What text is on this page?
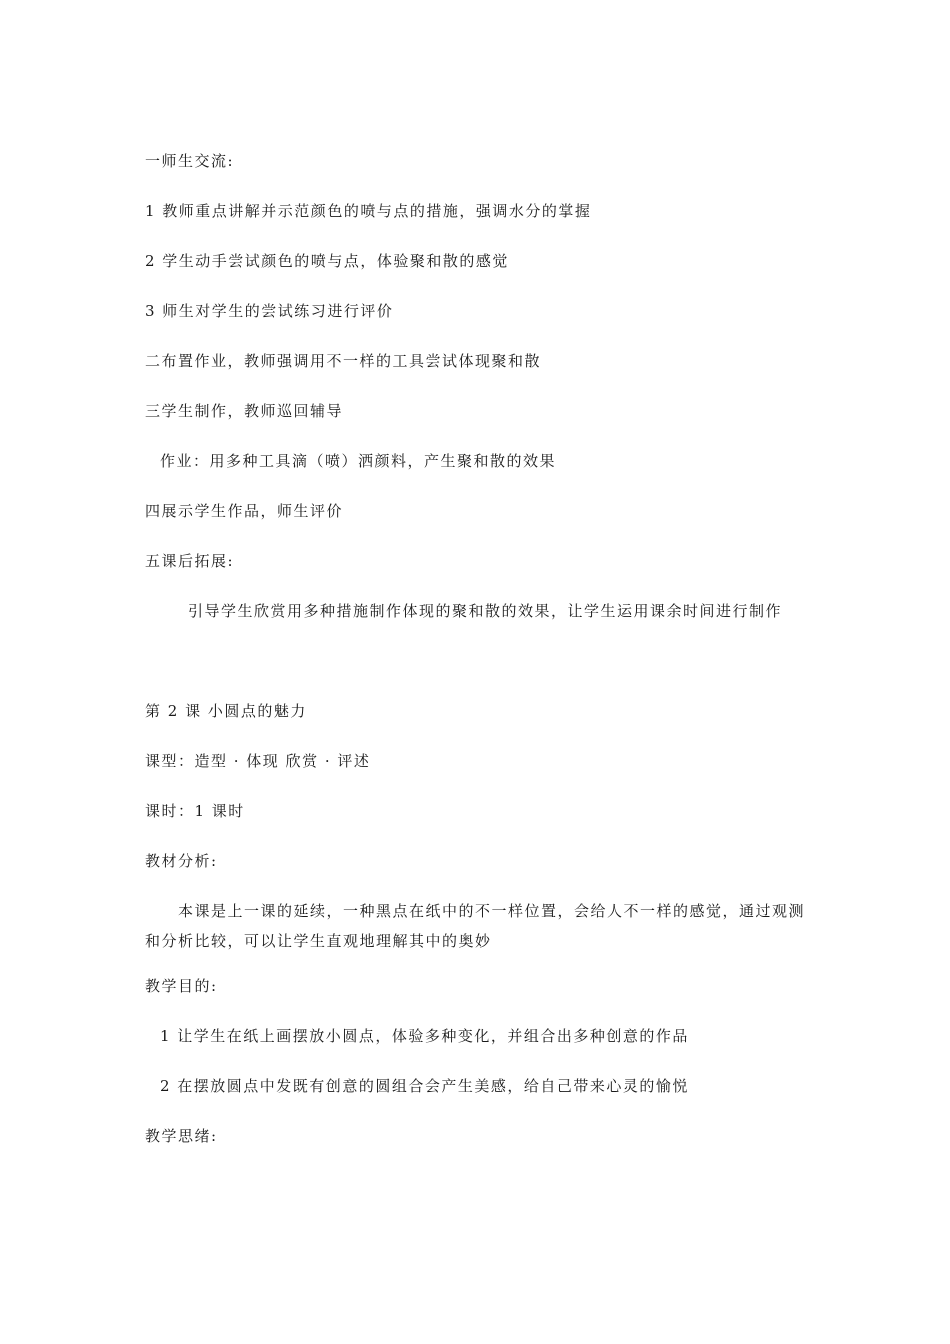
一师生交流:
1 教师重点讲解并示范颜色的喷与点的措施，强调水分的掌握
2 学生动手尝试颜色的喷与点，体验聚和散的感觉
3 师生对学生的尝试练习进行评价
二布置作业，教师强调用不一样的工具尝试体现聚和散
三学生制作，教师巡回辅导
作业：用多种工具滴（喷）洒颜料，产生聚和散的效果
四展示学生作品，师生评价
五课后拓展:
引导学生欣赏用多种措施制作体现的聚和散的效果，让学生运用课余时间进行制作
第 2 课 小圆点的魅力
课型：造型 · 体现 欣赏 · 评述
课时：1 课时
教材分析:
本课是上一课的延续，一种黑点在纸中的不一样位置，会给人不一样的感觉，通过观测和分析比较，可以让学生直观地理解其中的奥妙
教学目的:
1 让学生在纸上画摆放小圆点，体验多种变化，并组合出多种创意的作品
2 在摆放圆点中发既有创意的圆组合会产生美感，给自己带来心灵的愉悦
教学思绪:
